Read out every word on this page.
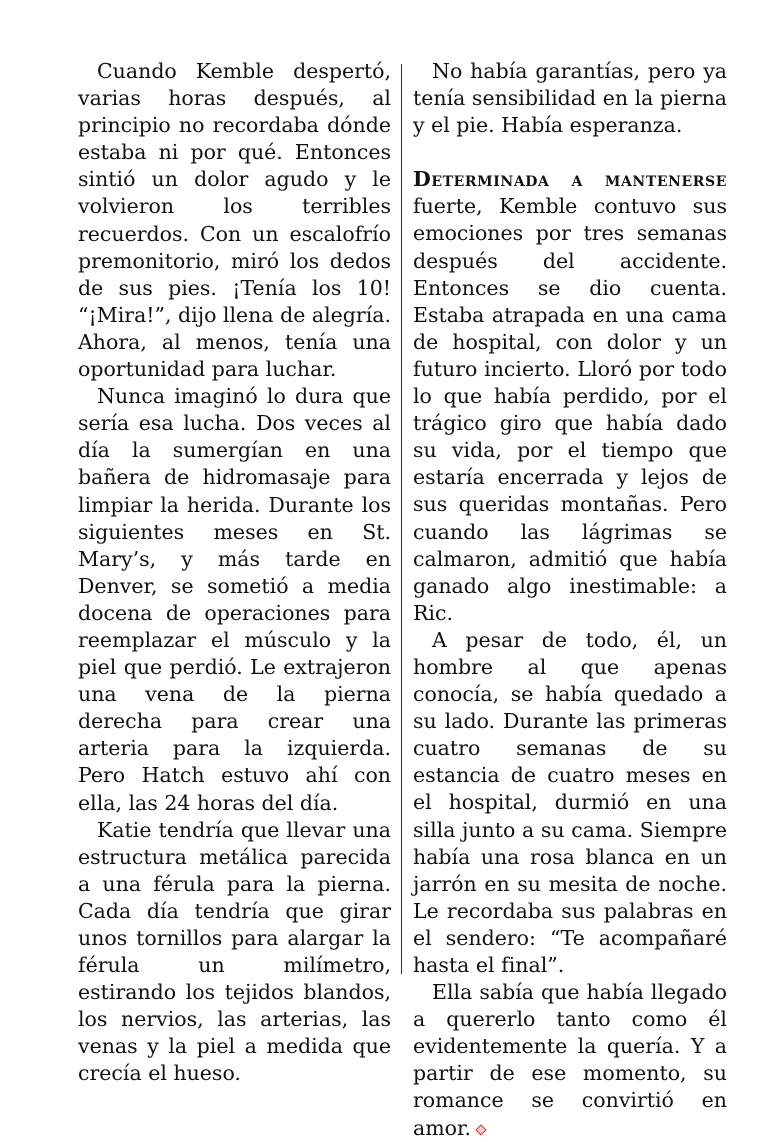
Cuando Kemble despertó, varias horas después, al principio no recordaba dónde estaba ni por qué. Entonces sintió un dolor agudo y le volvieron los terribles recuerdos. Con un escalofrío premonitorio, miró los dedos de sus pies. ¡Tenía los 10! “¡Mira!”, dijo llena de alegría. Ahora, al menos, tenía una oportunidad para luchar.

Nunca imaginó lo dura que sería esa lucha. Dos veces al día la sumergían en una bañera de hidromasaje para limpiar la herida. Durante los siguientes meses en St. Mary’s, y más tarde en Denver, se sometió a media docena de operaciones para reemplazar el músculo y la piel que perdió. Le extrajeron una vena de la pierna derecha para crear una arteria para la izquierda. Pero Hatch estuvo ahí con ella, las 24 horas del día.

Katie tendría que llevar una estructura metálica parecida a una férula para la pierna. Cada día tendría que girar unos tornillos para alargar la férula un milímetro, estirando los tejidos blandos, los nervios, las arterias, las venas y la piel a medida que crecía el hueso.

No había garantías, pero ya tenía sensibilidad en la pierna y el pie. Había esperanza.

Determinada a mantenerse fuerte, Kemble contuvo sus emociones por tres semanas después del accidente. Entonces se dio cuenta. Estaba atrapada en una cama de hospital, con dolor y un futuro incierto. Lloró por todo lo que había perdido, por el trágico giro que había dado su vida, por el tiempo que estaría encerrada y lejos de sus queridas montañas. Pero cuando las lágrimas se calmaron, admitió que había ganado algo inestimable: a Ric.

A pesar de todo, él, un hombre al que apenas conocía, se había quedado a su lado. Durante las primeras cuatro semanas de su estancia de cuatro meses en el hospital, durmió en una silla junto a su cama. Siempre había una rosa blanca en un jarrón en su mesita de noche. Le recordaba sus palabras en el sendero: “Te acompañaré hasta el final”.

Ella sabía que había llegado a quererlo tanto como él evidentemente la quería. Y a partir de ese momento, su romance se convirtió en amor.
